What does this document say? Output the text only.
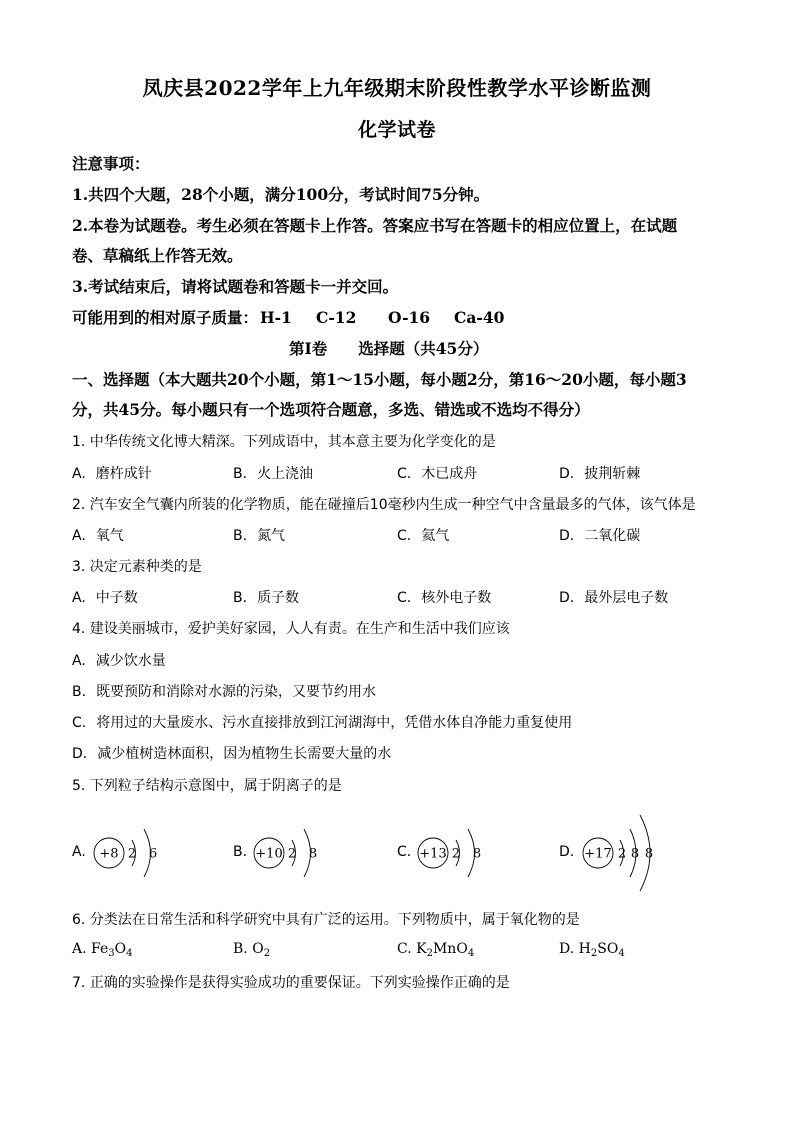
凤庆县2022学年上九年级期末阶段性教学水平诊断监测
化学试卷
注意事项：
1.共四个大题，28个小题，满分100分，考试时间75分钟。
2.本卷为试题卷。考生必须在答题卡上作答。答案应书写在答题卡的相应位置上，在试题
卷、草稿纸上作答无效。
3.考试结束后，请将试题卷和答题卡一并交回。
可能用到的相对原子质量： H-1 C-12 O-16 Ca-40
第Ⅰ卷　　选择题（共45分）
一、选择题（本大题共20个小题，第1～15小题，每小题2分，第16～20小题，每小题3
分，共45分。每小题只有一个选项符合题意，多选、错选或不选均不得分）
1. 中华传统文化博大精深。下列成语中，其本意主要为化学变化的是
A. 磨杵成针	B. 火上浇油	C. 木已成舟	D. 披荆斩棘
2. 汽车安全气囊内所装的化学物质，能在碰撞后10毫秒内生成一种空气中含量最多的气体，该气体是
A. 氧气	B. 氮气	C. 氦气	D. 二氧化碳
3. 决定元素种类的是
A. 中子数	B. 质子数	C. 核外电子数	D. 最外层电子数
4. 建设美丽城市，爱护美好家园，人人有责。在生产和生活中我们应该
A. 减少饮水量
B. 既要预防和消除对水源的污染，又要节约用水
C. 将用过的大量废水、污水直接排放到江河湖海中，凭借水体自净能力重复使用
D. 减少植树造林面积，因为植物生长需要大量的水
5. 下列粒子结构示意图中，属于阴离子的是
A. +8 2 6	B. +10 2 8	C. +13 2 8	D. +17 2 8 8
6. 分类法在日常生活和科学研究中具有广泛的运用。下列物质中，属于氧化物的是
A. $Fe_3O_4$	B. $O_2$	C. $K_2MnO_4$	D. $H_2SO_4$
7. 正确的实验操作是获得实验成功的重要保证。下列实验操作正确的是
